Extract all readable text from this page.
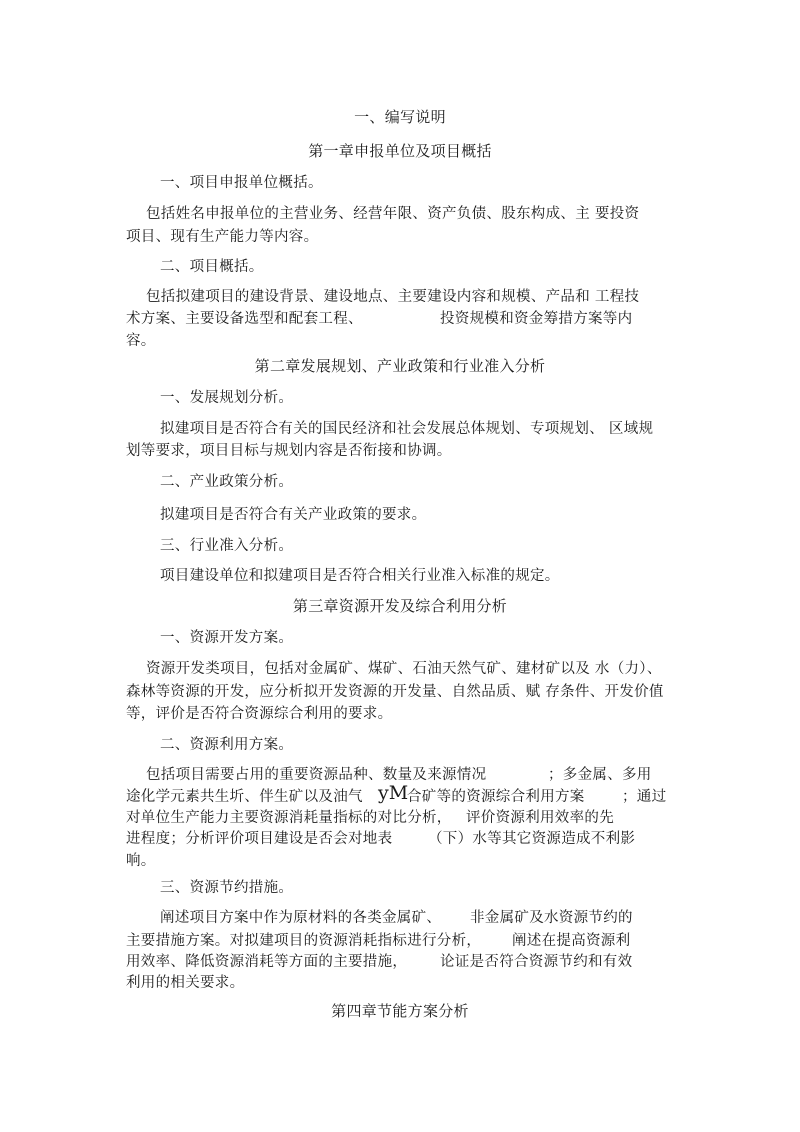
一、编写说明
第一章申报单位及项目概括
一、项目申报单位概括。
包括姓名申报单位的主营业务、经营年限、资产负债、股东构成、主 要投资
项目、现有生产能力等内容。
二、项目概括。
包括拟建项目的建设背景、建设地点、主要建设内容和规模、产品和 工程技
术方案、主要设备选型和配套工程、	投资规模和资金筹措方案等内
容。
第二章发展规划、产业政策和行业准入分析
一、发展规划分析。
拟建项目是否符合有关的国民经济和社会发展总体规划、专项规划、 区域规
划等要求，项目目标与规划内容是否衔接和协调。
二、产业政策分析。
拟建项目是否符合有关产业政策的要求。
三、行业准入分析。
项目建设单位和拟建项目是否符合相关行业准入标准的规定。
第三章资源开发及综合利用分析
一、资源开发方案。
资源开发类项目，包括对金属矿、煤矿、石油天然气矿、建材矿以及 水（力）、
森林等资源的开发，应分析拟开发资源的开发量、自然品质、赋 存条件、开发价值
等，评价是否符合资源综合利用的要求。
二、资源利用方案。
包括项目需要占用的重要资源品种、数量及来源情况	；多金属、多用
途化学元素共生圻、伴生矿以及油气 yM
合矿等的资源综合利用方案	；通过
对单位生产能力主要资源消耗量指标的对比分析， 评价资源利用效率的先
进程度；分析评价项目建设是否会对地表 （下）水等其它资源造成不利影
响。
三、资源节约措施。
阐述项目方案中作为原材料的各类金属矿、 非金属矿及水资源节约的
主要措施方案。对拟建项目的资源消耗指标进行分析， 阐述在提高资源利
用效率、降低资源消耗等方面的主要措施， 论证是否符合资源节约和有效
利用的相关要求。
第四章节能方案分析
